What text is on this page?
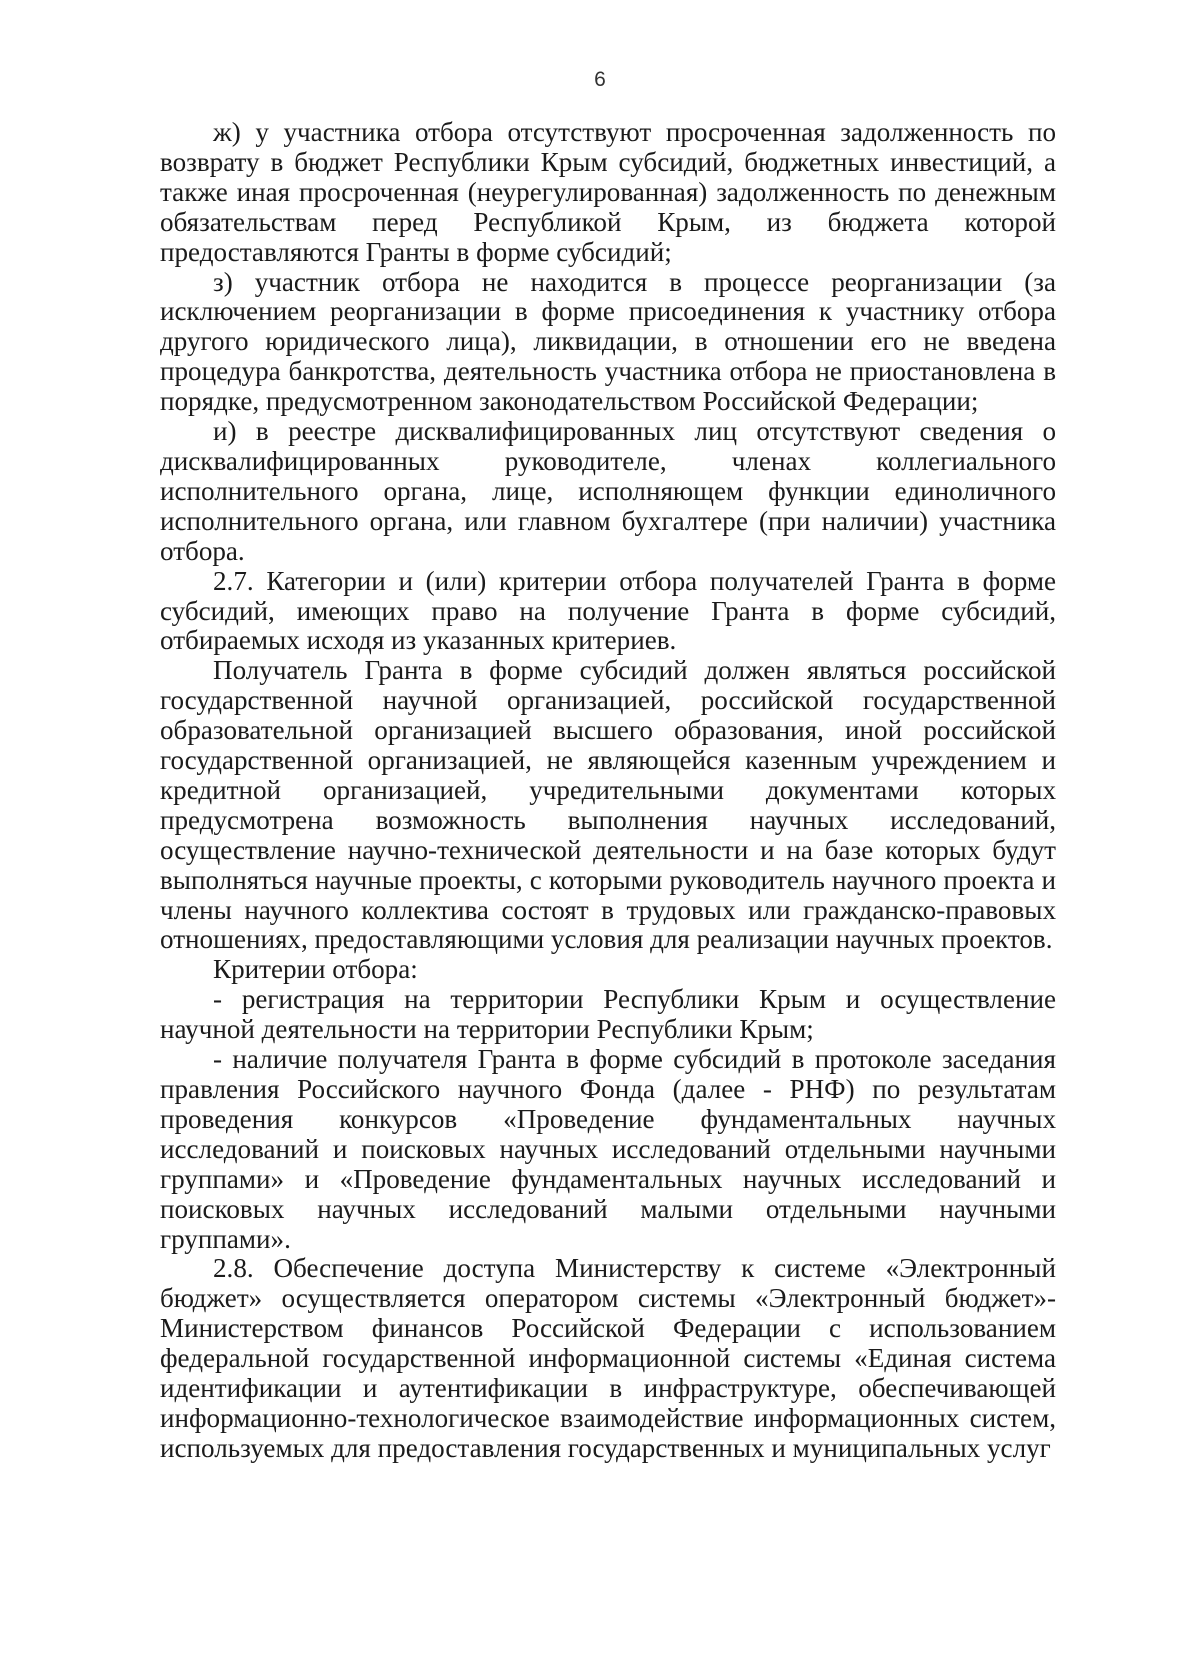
6

ж) у участника отбора отсутствуют просроченная задолженность по возврату в бюджет Республики Крым субсидий, бюджетных инвестиций, а также иная просроченная (неурегулированная) задолженность по денежным обязательствам перед Республикой Крым, из бюджета которой предоставляются Гранты в форме субсидий;

з) участник отбора не находится в процессе реорганизации (за исключением реорганизации в форме присоединения к участнику отбора другого юридического лица), ликвидации, в отношении его не введена процедура банкротства, деятельность участника отбора не приостановлена в порядке, предусмотренном законодательством Российской Федерации;

и) в реестре дисквалифицированных лиц отсутствуют сведения о дисквалифицированных руководителе, членах коллегиального исполнительного органа, лице, исполняющем функции единоличного исполнительного органа, или главном бухгалтере (при наличии) участника отбора.

2.7. Категории и (или) критерии отбора получателей Гранта в форме субсидий, имеющих право на получение Гранта в форме субсидий, отбираемых исходя из указанных критериев.

Получатель Гранта в форме субсидий должен являться российской государственной научной организацией, российской государственной образовательной организацией высшего образования, иной российской государственной организацией, не являющейся казенным учреждением и кредитной организацией, учредительными документами которых предусмотрена возможность выполнения научных исследований, осуществление научно-технической деятельности и на базе которых будут выполняться научные проекты, с которыми руководитель научного проекта и члены научного коллектива состоят в трудовых или гражданско-правовых отношениях, предоставляющими условия для реализации научных проектов.

Критерии отбора:

- регистрация на территории Республики Крым и осуществление научной деятельности на территории Республики Крым;

- наличие получателя Гранта в форме субсидий в протоколе заседания правления Российского научного Фонда (далее - РНФ) по результатам проведения конкурсов «Проведение фундаментальных научных исследований и поисковых научных исследований отдельными научными группами» и «Проведение фундаментальных научных исследований и поисковых научных исследований малыми отдельными научными группами».

2.8. Обеспечение доступа Министерству к системе «Электронный бюджет» осуществляется оператором системы «Электронный бюджет»- Министерством финансов Российской Федерации с использованием федеральной государственной информационной системы «Единая система идентификации и аутентификации в инфраструктуре, обеспечивающей информационно-технологическое взаимодействие информационных систем, используемых для предоставления государственных и муниципальных услуг
